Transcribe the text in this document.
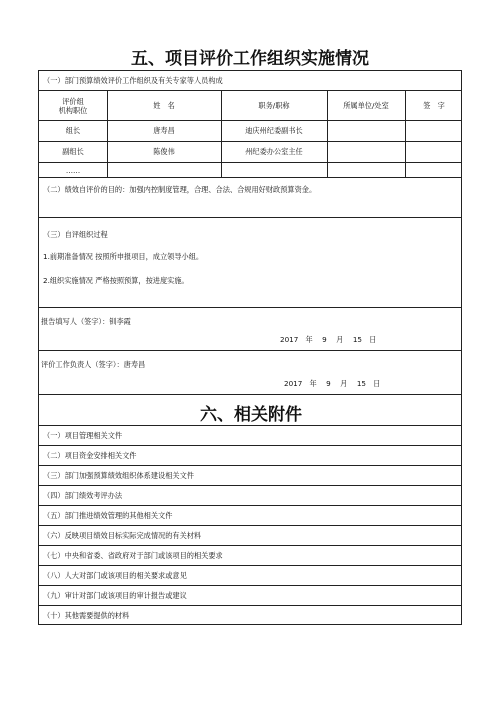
五、项目评价工作组织实施情况
（一）部门预算绩效评价工作组织及有关专家等人员构成
评价组
机构职位
姓　名	职务/职称	所属单位/处室	签　字
组长	唐寿昌	迪庆州纪委副书长
副组长	陈俊伟	州纪委办公室主任
……
（二）绩效自评价的目的：加强内控制度管理，合理、合法、合规用好财政预算资金。
（三）自评组织过程
1.前期准备情况 按照所申报项目，成立领导小组。
2.组织实施情况 严格按照预算，按进度实施。
报告填写人（签字）：钏李霞
2017　年　 9　 月　 15　日
评价工作负责人（签字）：唐寿昌
2017　年　 9　 月　 15　日
六、相关附件
（一）项目管理相关文件
（二）项目资金安排相关文件
（三）部门加强预算绩效组织体系建设相关文件
（四）部门绩效考评办法
（五）部门推进绩效管理的其他相关文件
（六）反映项目绩效目标实际完成情况的有关材料
（七）中央和省委、省政府对于部门或该项目的相关要求
（八）人大对部门或该项目的相关要求或意见
（九）审计对部门或该项目的审计报告或建议
（十）其他需要提供的材料
